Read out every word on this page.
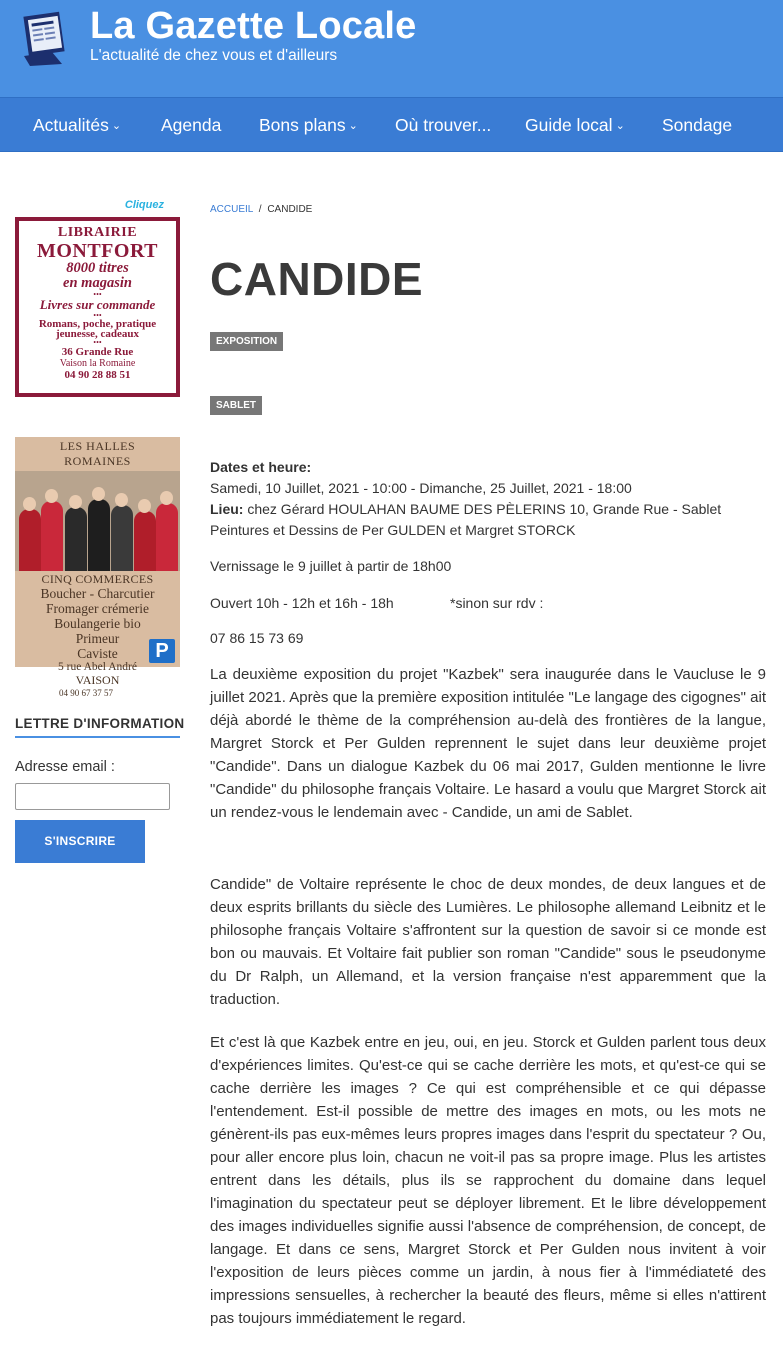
La Gazette Locale
L'actualité de chez vous et d'ailleurs
Actualités ⌄ Agenda Bons plans ⌄ Où trouver... Guide local ⌄ Sondage
Cliquez
LIBRAIRIE
MONTFORT
8000 titres
en magasin
•••
Livres sur commande
•••
Romans, poche, pratique
jeunesse, cadeaux
•••
36 Grande Rue
Vaison la Romaine
04 90 28 88 51
LES HALLES
ROMAINES
CINQ COMMERCES
Boucher - Charcutier
Fromager crémerie
Boulangerie bio
Primeur
Caviste
5 rue Abel André
VAISON
04 90 67 37 57
P
LETTRE D'INFORMATION
Adresse email :
S'INSCRIRE
ACCUEIL / CANDIDE
CANDIDE
EXPOSITION
SABLET
Dates et heure:
Samedi, 10 Juillet, 2021 - 10:00 - Dimanche, 25 Juillet, 2021 - 18:00
Lieu: chez Gérard HOULAHAN BAUME DES PÈLERINS 10, Grande Rue - Sablet
Peintures et Dessins de Per GULDEN et Margret STORCK
Vernissage le 9 juillet à partir de 18h00
Ouvert 10h - 12h et 16h - 18h	*sinon sur rdv :
07 86 15 73 69
La deuxième exposition du projet "Kazbek" sera inaugurée dans le Vaucluse le 9 juillet 2021. Après que la première exposition intitulée "Le langage des cigognes" ait déjà abordé le thème de la compréhension au-delà des frontières de la langue, Margret Storck et Per Gulden reprennent le sujet dans leur deuxième projet "Candide". Dans un dialogue Kazbek du 06 mai 2017, Gulden mentionne le livre "Candide" du philosophe français Voltaire. Le hasard a voulu que Margret Storck ait un rendez-vous le lendemain avec - Candide, un ami de Sablet.
Candide" de Voltaire représente le choc de deux mondes, de deux langues et de deux esprits brillants du siècle des Lumières. Le philosophe allemand Leibnitz et le philosophe français Voltaire s'affrontent sur la question de savoir si ce monde est bon ou mauvais. Et Voltaire fait publier son roman "Candide" sous le pseudonyme du Dr Ralph, un Allemand, et la version française n'est apparemment que la traduction.
Et c'est là que Kazbek entre en jeu, oui, en jeu. Storck et Gulden parlent tous deux d'expériences limites. Qu'est-ce qui se cache derrière les mots, et qu'est-ce qui se cache derrière les images ? Ce qui est compréhensible et ce qui dépasse l'entendement. Est-il possible de mettre des images en mots, ou les mots ne génèrent-ils pas eux-mêmes leurs propres images dans l'esprit du spectateur ? Ou, pour aller encore plus loin, chacun ne voit-il pas sa propre image. Plus les artistes entrent dans les détails, plus ils se rapprochent du domaine dans lequel l'imagination du spectateur peut se déployer librement. Et le libre développement des images individuelles signifie aussi l'absence de compréhension, de concept, de langage. Et dans ce sens, Margret Storck et Per Gulden nous invitent à voir l'exposition de leurs pièces comme un jardin, à nous fier à l'immédiateté des impressions sensuelles, à rechercher la beauté des fleurs, même si elles n'attirent pas toujours immédiatement le regard.
